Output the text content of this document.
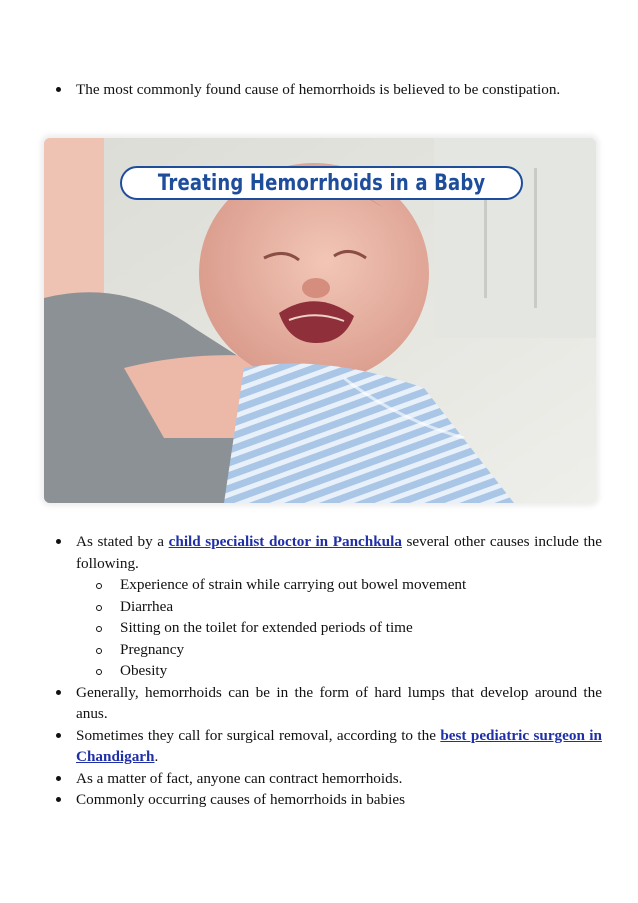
The most commonly found cause of hemorrhoids is believed to be constipation.
Treating Hemorrhoids in a Baby
As stated by a child specialist doctor in Panchkula several other causes include the following.
Experience of strain while carrying out bowel movement
Diarrhea
Sitting on the toilet for extended periods of time
Pregnancy
Obesity
Generally, hemorrhoids can be in the form of hard lumps that develop around the anus.
Sometimes they call for surgical removal, according to the best pediatric surgeon in Chandigarh.
As a matter of fact, anyone can contract hemorrhoids.
Commonly occurring causes of hemorrhoids in babies
